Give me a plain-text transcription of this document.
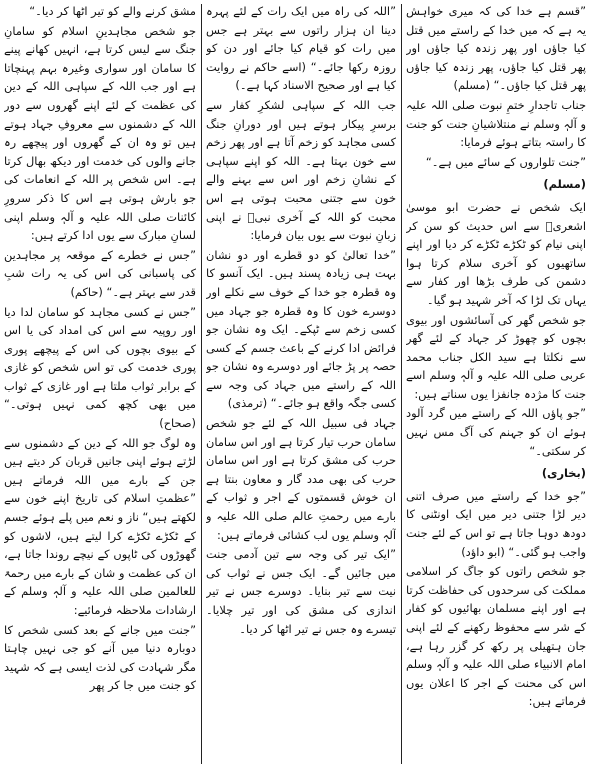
”قسم ہے خدا کی کہ میری خواہش یہ ہے کہ میں خدا کے راستے میں قتل کیا جاؤں اور پھر زندہ کیا جاؤں اور پھر قتل کیا جاؤں، پھر زندہ کیا جاؤں پھر قتل کیا جاؤں۔“ (مسلم)

جناب تاجدارِ ختمِ نبوت صلی اللہ علیہ و آلہٖ وسلم نے منتلاشیانِ جنت کو جنت کا راستہ بتاتے ہوئے فرمایا:

”جنت تلواروں کے سائے میں ہے۔“

(مسلم)

ایک شخص نے حضرت ابو موسیٰ اشعریؓ سے اس حدیث کو سن کر اپنی نیام کو ٹکڑے ٹکڑے کر دیا اور اپنے ساتھیوں کو آخری سلام کرتا ہوا دشمن کی طرف بڑھا اور کفار سے یہاں تک لڑا کہ آخر شہید ہو گیا۔

جو شخص گھر کی آسائشوں اور بیوی بچوں کو چھوڑ کر جہاد کے لئے گھر سے نکلتا ہے سید الکل جناب محمد عربی صلی اللہ علیہ و آلہٖ وسلم اسے جنت کا مژدہ جانفزا یوں سناتے ہیں:

”جو پاؤں اللہ کے راستے میں گرد آلود ہوئے ان کو جہنم کی آگ مس نہیں کر سکتی۔“

(بخاری)

”جو خدا کے راستے میں صرف اتنی دیر لڑا جتنی دیر میں ایک اونٹنی کا دودھ دوہا جاتا ہے تو اس کے لئے جنت واجب ہو گئی۔“ (ابو داؤد)

جو شخص راتوں کو جاگ کر اسلامی مملکت کی سرحدوں کی حفاظت کرتا ہے اور اپنے مسلمان بھائیوں کو کفار کے شر سے محفوظ رکھنے کے لئے اپنی جان ہتھیلی پر رکھ کر گزر رہا ہے، امام الانبیاء صلی اللہ علیہ و آلہٖ وسلم اس کی محنت کے اجر کا اعلان یوں فرماتے ہیں:

”اللہ کی راہ میں ایک رات کے لئے پہرہ دینا ان ہزار راتوں سے بہتر ہے جس میں رات کو قیام کیا جائے اور دن کو روزہ رکھا جائے۔“ (اسے حاکم نے روایت کیا ہے اور صحیح الاسناد کہا ہے۔)

جب اللہ کے سپاہی لشکرِ کفار سے برسرِ پیکار ہوتے ہیں اور دورانِ جنگ کسی مجاہد کو زخم آتا ہے اور پھر زخم سے خون بہتا ہے۔ اللہ کو اپنے سپاہی کے نشانِ زخم اور اس سے بہنے والے خون سے جتنی محبت ہوتی ہے اس محبت کو اللہ کے آخری نبیؐ نے اپنی زبانِ نبوت سے یوں بیان فرمایا:

”خدا تعالیٰ کو دو قطرے اور دو نشان بہت ہی زیادہ پسند ہیں۔ ایک آنسو کا وہ قطرہ جو خدا کے خوف سے نکلے اور دوسرے خون کا وہ قطرہ جو جہاد میں کسی زخم سے ٹپکے۔ ایک وہ نشان جو فرائض ادا کرنے کے باعث جسم کے کسی حصہ پر پڑ جائے اور دوسرے وہ نشان جو اللہ کے راستے میں جہاد کی وجہ سے کسی جگہ واقع ہو جائے۔“ (ترمذی)

جہاد فی سبیل اللہ کے لئے جو شخص سامان حرب تیار کرتا ہے اور اس سامان حرب کی مشق کرتا ہے اور اس سامان حرب کی بھی مدد گار و معاون بنتا ہے ان خوش قسمتوں کے اجر و ثواب کے بارے میں رحمتِ عالم صلی اللہ علیہ و آلہٖ وسلم یوں لب کشائی فرماتے ہیں:

”ایک تیر کی وجہ سے تین آدمی جنت میں جائیں گے۔ ایک جس نے ثواب کی نیت سے تیر بنایا۔ دوسرے جس نے تیر اندازی کی مشق کی اور تیر چلایا۔ تیسرے وہ جس نے تیر اٹھا کر دیا۔

مشق کرنے والے کو تیر اٹھا کر دیا۔“

جو شخص مجاہدینِ اسلام کو سامانِ جنگ سے لیس کرتا ہے، انہیں کھانے پینے کا سامان اور سواری وغیرہ بہم پہنچاتا ہے اور جب اللہ کے سپاہی اللہ کے دین کی عظمت کے لئے اپنے گھروں سے دور اللہ کے دشمنوں سے معروفِ جہاد ہوتے ہیں تو وہ ان کے گھروں اور پیچھے رہ جانے والوں کی خدمت اور دیکھ بھال کرتا ہے۔ اس شخص پر اللہ کے انعامات کی جو بارش ہوتی ہے اس کا ذکر سرورِ کائنات صلی اللہ علیہ و آلہٖ وسلم اپنی لسانِ مبارک سے یوں ادا کرتے ہیں:

”جس نے خطرے کے موقعہ پر مجاہدین کی پاسبانی کی اس کی یہ رات شبِ قدر سے بہتر ہے۔“ (حاکم)

”جس نے کسی مجاہد کو سامان لدا دیا اور روپیہ سے اس کی امداد کی یا اس کے بیوی بچوں کی اس کے پیچھے پوری پوری خدمت کی تو اس شخص کو غازی کے برابر ثواب ملتا ہے اور غازی کے ثواب میں بھی کچھ کمی نہیں ہوتی۔“ (صحاح)

وہ لوگ جو اللہ کے دین کے دشمنوں سے لڑتے ہوئے اپنی جانیں قربان کر دیتے ہیں جن کے بارے میں اللہ فرماتے ہیں ”عظمتِ اسلام کی تاریخ اپنے خون سے لکھتے ہیں“ ناز و نعم میں پلے ہوئے جسم کے ٹکڑے ٹکڑے کرا لیتے ہیں، لاشوں کو گھوڑوں کی ٹاپوں کے نیچے روندا جاتا ہے، ان کی عظمت و شان کے بارے میں رحمۃ للعالمین صلی اللہ علیہ و آلہٖ وسلم کے ارشادات ملاحظہ فرمائیے:

”جنت میں جانے کے بعد کسی شخص کا دوبارہ دنیا میں آنے کو جی نہیں چاہتا مگر شہادت کی لذت ایسی ہے کہ شہید کو جنت میں جا کر پھر
